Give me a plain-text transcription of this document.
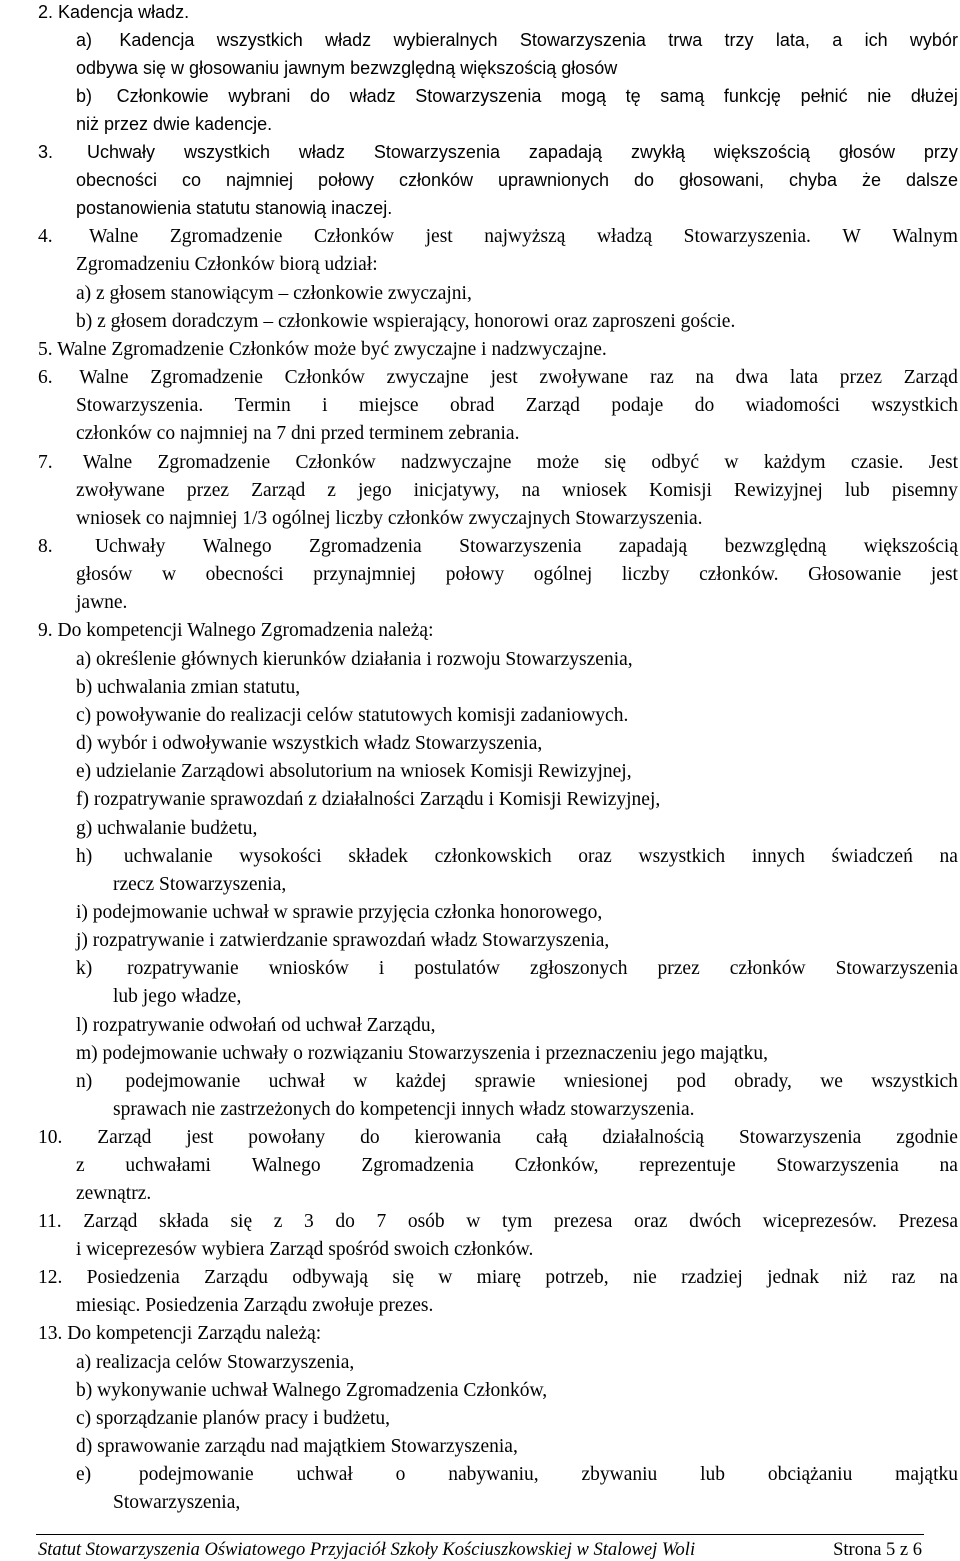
2. Kadencja władz.
a) Kadencja wszystkich władz wybieralnych Stowarzyszenia trwa trzy lata, a ich wybór
odbywa się w głosowaniu jawnym bezwzględną większością głosów
b) Członkowie wybrani do władz Stowarzyszenia mogą tę samą funkcję pełnić nie dłużej
niż przez dwie kadencje.
3. Uchwały wszystkich władz Stowarzyszenia zapadają zwykłą większością głosów przy
obecności co najmniej połowy członków uprawnionych do głosowani, chyba że dalsze
postanowienia statutu stanowią inaczej.
4. Walne Zgromadzenie Członków jest najwyższą władzą Stowarzyszenia. W Walnym
Zgromadzeniu Członków biorą udział:
a) z głosem stanowiącym – członkowie zwyczajni,
b) z głosem doradczym – członkowie wspierający, honorowi oraz zaproszeni goście.
5. Walne Zgromadzenie Członków może być zwyczajne i nadzwyczajne.
6. Walne Zgromadzenie Członków zwyczajne jest zwoływane raz na dwa lata przez Zarząd
Stowarzyszenia. Termin i miejsce obrad Zarząd podaje do wiadomości wszystkich
członków co najmniej na 7 dni przed terminem zebrania.
7. Walne Zgromadzenie Członków nadzwyczajne może się odbyć w każdym czasie. Jest
zwoływane przez Zarząd z jego inicjatywy, na wniosek Komisji Rewizyjnej lub pisemny
wniosek co najmniej 1/3 ogólnej liczby członków zwyczajnych Stowarzyszenia.
8. Uchwały Walnego Zgromadzenia Stowarzyszenia zapadają bezwzględną większością
głosów w obecności przynajmniej połowy ogólnej liczby członków. Głosowanie jest
jawne.
9. Do kompetencji Walnego Zgromadzenia należą:
a) określenie głównych kierunków działania i rozwoju Stowarzyszenia,
b) uchwalania zmian statutu,
c) powoływanie do realizacji celów statutowych komisji zadaniowych.
d) wybór i odwoływanie wszystkich władz Stowarzyszenia,
e) udzielanie Zarządowi absolutorium na wniosek Komisji Rewizyjnej,
f) rozpatrywanie sprawozdań z działalności Zarządu i Komisji Rewizyjnej,
g) uchwalanie budżetu,
h) uchwalanie wysokości składek członkowskich oraz wszystkich innych świadczeń na
rzecz Stowarzyszenia,
i) podejmowanie uchwał w sprawie przyjęcia członka honorowego,
j) rozpatrywanie i zatwierdzanie sprawozdań władz Stowarzyszenia,
k) rozpatrywanie wniosków i postulatów zgłoszonych przez członków Stowarzyszenia
lub jego władze,
l) rozpatrywanie odwołań od uchwał Zarządu,
m) podejmowanie uchwały o rozwiązaniu Stowarzyszenia i przeznaczeniu jego majątku,
n) podejmowanie uchwał w każdej sprawie wniesionej pod obrady, we wszystkich
sprawach nie zastrzeżonych do kompetencji innych władz stowarzyszenia.
10. Zarząd jest powołany do kierowania całą działalnością Stowarzyszenia zgodnie
z uchwałami Walnego Zgromadzenia Członków, reprezentuje Stowarzyszenia na
zewnątrz.
11. Zarząd składa się z 3 do 7 osób w tym prezesa oraz dwóch wiceprezesów. Prezesa
i wiceprezesów wybiera Zarząd spośród swoich członków.
12. Posiedzenia Zarządu odbywają się w miarę potrzeb, nie rzadziej jednak niż raz na
miesiąc. Posiedzenia Zarządu zwołuje prezes.
13. Do kompetencji Zarządu należą:
a) realizacja celów Stowarzyszenia,
b) wykonywanie uchwał Walnego Zgromadzenia Członków,
c) sporządzanie planów pracy i budżetu,
d) sprawowanie zarządu nad majątkiem Stowarzyszenia,
e) podejmowanie uchwał o nabywaniu, zbywaniu lub obciążaniu majątku
Stowarzyszenia,
Statut Stowarzyszenia Oświatowego Przyjaciół Szkoły Kościuszkowskiej w Stalowej Woli	Strona 5 z 6
